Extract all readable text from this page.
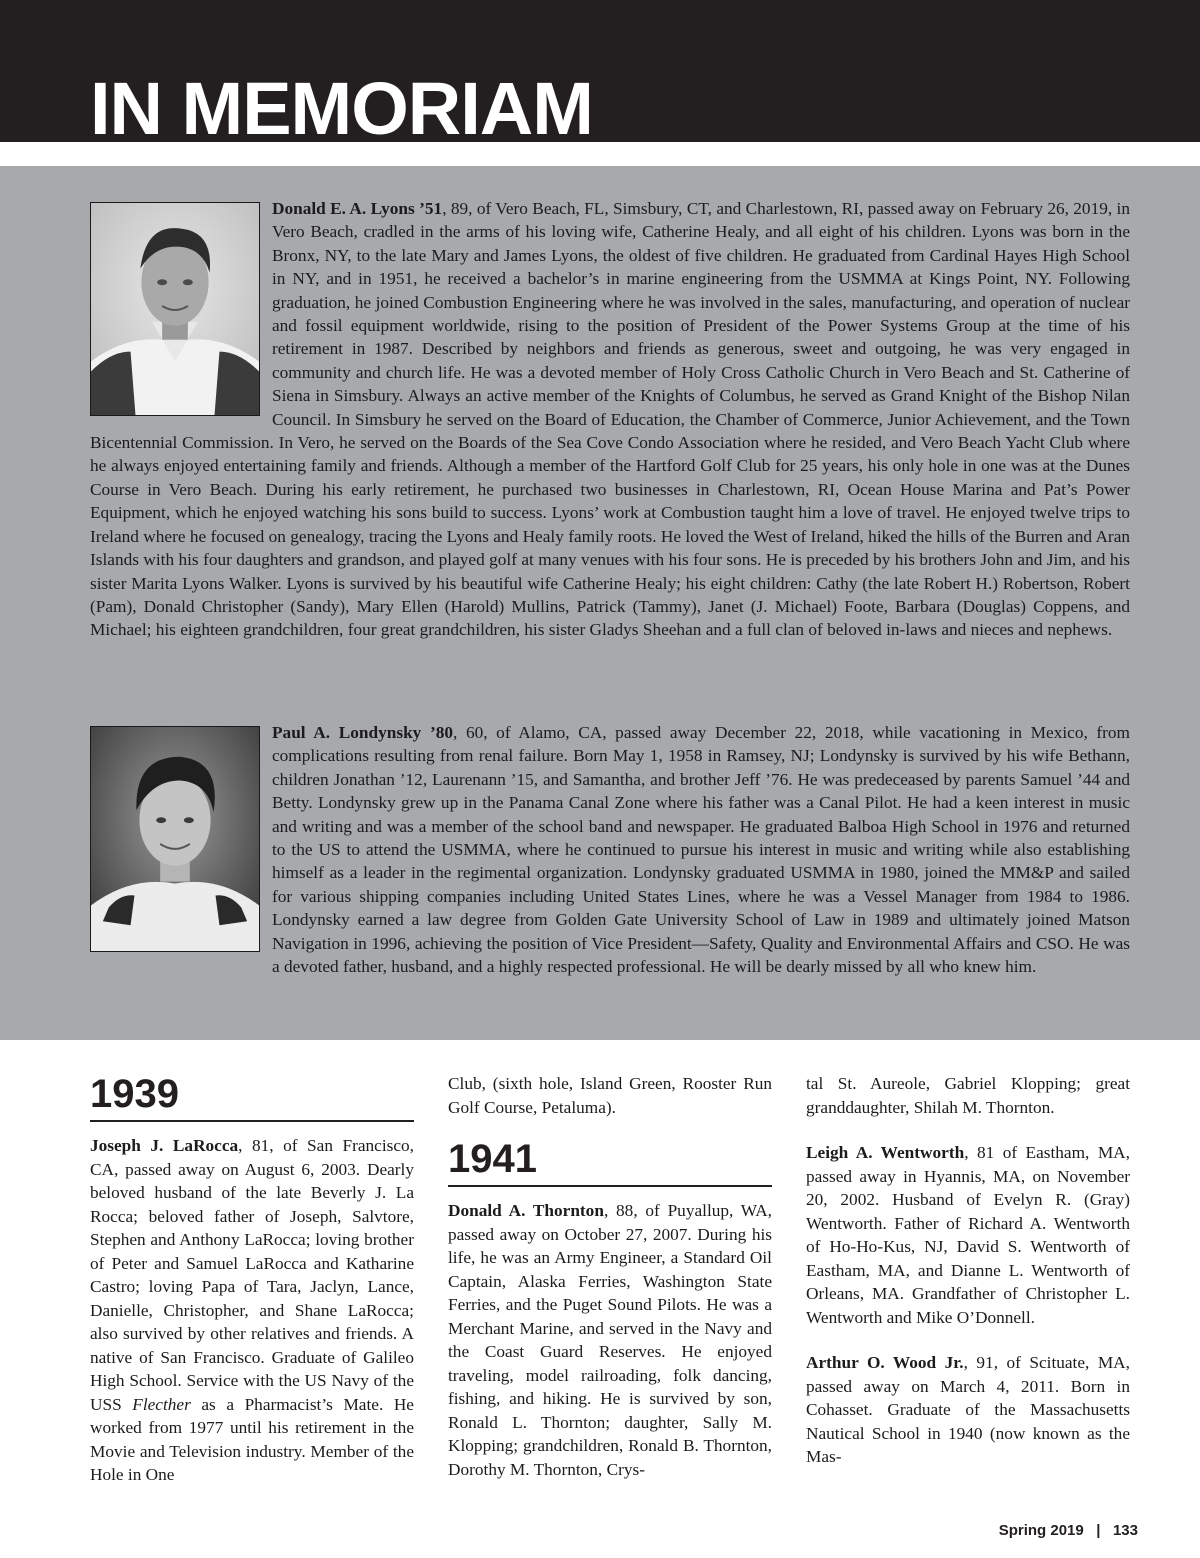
IN MEMORIAM
Donald E. A. Lyons ’51, 89, of Vero Beach, FL, Simsbury, CT, and Charlestown, RI, passed away on February 26, 2019, in Vero Beach, cradled in the arms of his loving wife, Catherine Healy, and all eight of his children. Lyons was born in the Bronx, NY, to the late Mary and James Lyons, the oldest of five children. He graduated from Cardinal Hayes High School in NY, and in 1951, he received a bachelor’s in marine engineering from the USMMA at Kings Point, NY. Following graduation, he joined Combustion Engineering where he was involved in the sales, manufacturing, and operation of nuclear and fossil equipment worldwide, rising to the position of President of the Power Systems Group at the time of his retirement in 1987. Described by neighbors and friends as generous, sweet and outgoing, he was very engaged in community and church life. He was a devoted member of Holy Cross Catholic Church in Vero Beach and St. Catherine of Siena in Simsbury. Always an active member of the Knights of Columbus, he served as Grand Knight of the Bishop Nilan Council. In Simsbury he served on the Board of Education, the Chamber of Commerce, Junior Achievement, and the Town Bicentennial Commission. In Vero, he served on the Boards of the Sea Cove Condo Association where he resided, and Vero Beach Yacht Club where he always enjoyed entertaining family and friends. Although a member of the Hartford Golf Club for 25 years, his only hole in one was at the Dunes Course in Vero Beach. During his early retirement, he purchased two businesses in Charlestown, RI, Ocean House Marina and Pat’s Power Equipment, which he enjoyed watching his sons build to success. Lyons’ work at Combustion taught him a love of travel. He enjoyed twelve trips to Ireland where he focused on genealogy, tracing the Lyons and Healy family roots. He loved the West of Ireland, hiked the hills of the Burren and Aran Islands with his four daughters and grandson, and played golf at many venues with his four sons. He is preceded by his brothers John and Jim, and his sister Marita Lyons Walker. Lyons is survived by his beautiful wife Catherine Healy; his eight children: Cathy (the late Robert H.) Robertson, Robert (Pam), Donald Christopher (Sandy), Mary Ellen (Harold) Mullins, Patrick (Tammy), Janet (J. Michael) Foote, Barbara (Douglas) Coppens, and Michael; his eighteen grandchildren, four great grandchildren, his sister Gladys Sheehan and a full clan of beloved in-laws and nieces and nephews.
Paul A. Londynsky ’80, 60, of Alamo, CA, passed away December 22, 2018, while vacationing in Mexico, from complications resulting from renal failure. Born May 1, 1958 in Ramsey, NJ; Londynsky is survived by his wife Bethann, children Jonathan ’12, Laurenann ’15, and Samantha, and brother Jeff ’76. He was predeceased by parents Samuel ’44 and Betty. Londynsky grew up in the Panama Canal Zone where his father was a Canal Pilot. He had a keen interest in music and writing and was a member of the school band and newspaper. He graduated Balboa High School in 1976 and returned to the US to attend the USMMA, where he continued to pursue his interest in music and writing while also establishing himself as a leader in the regimental organization. Londynsky graduated USMMA in 1980, joined the MM&P and sailed for various shipping companies including United States Lines, where he was a Vessel Manager from 1984 to 1986. Londynsky earned a law degree from Golden Gate University School of Law in 1989 and ultimately joined Matson Navigation in 1996, achieving the position of Vice President—Safety, Quality and Environmental Affairs and CSO. He was a devoted father, husband, and a highly respected professional. He will be dearly missed by all who knew him.
1939

Joseph J. LaRocca, 81, of San Francisco, CA, passed away on August 6, 2003. Dearly beloved husband of the late Beverly J. La Rocca; beloved father of Joseph, Salvtore, Stephen and Anthony LaRocca; loving brother of Peter and Samuel LaRocca and Katharine Castro; loving Papa of Tara, Jaclyn, Lance, Danielle, Christopher, and Shane LaRocca; also survived by other relatives and friends. A native of San Francisco. Graduate of Galileo High School. Service with the US Navy of the USS Flecther as a Pharmacist’s Mate. He worked from 1977 until his retirement in the Movie and Television industry. Member of the Hole in One

Club, (sixth hole, Island Green, Rooster Run Golf Course, Petaluma).

1941

Donald A. Thornton, 88, of Puyallup, WA, passed away on October 27, 2007. During his life, he was an Army Engineer, a Standard Oil Captain, Alaska Ferries, Washington State Ferries, and the Puget Sound Pilots. He was a Merchant Marine, and served in the Navy and the Coast Guard Reserves. He enjoyed traveling, model railroading, folk dancing, fishing, and hiking. He is survived by son, Ronald L. Thornton; daughter, Sally M. Klopping; grandchildren, Ronald B. Thornton, Dorothy M. Thornton, Crys-

tal St. Aureole, Gabriel Klopping; great granddaughter, Shilah M. Thornton.

Leigh A. Wentworth, 81 of Eastham, MA, passed away in Hyannis, MA, on November 20, 2002. Husband of Evelyn R. (Gray) Wentworth. Father of Richard A. Wentworth of Ho-Ho-Kus, NJ, David S. Wentworth of Eastham, MA, and Dianne L. Wentworth of Orleans, MA. Grandfather of Christopher L. Wentworth and Mike O’Donnell.

Arthur O. Wood Jr., 91, of Scituate, MA, passed away on March 4, 2011. Born in Cohasset. Graduate of the Massachusetts Nautical School in 1940 (now known as the Mas-

Spring 2019 | 133
